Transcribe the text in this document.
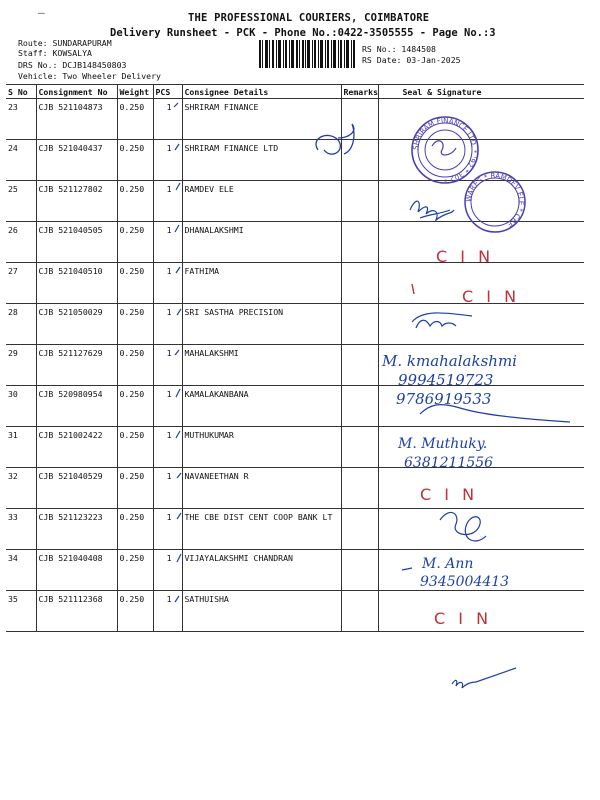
—	THE PROFESSIONAL COURIERS, COIMBATORE
Delivery Runsheet - PCK - Phone No.:0422-3505555 - Page No.:3
Route: SUNDARAPURAM
Staff: KOWSALYA
DRS No.: DCJB148450803
Vehicle: Two Wheeler Delivery
RS No.: 1484508
RS Date: 03-Jan-2025
S No	Consignment No	Weight	PCS	Consignee Details	Remarks	Seal & Signature
23	CJB 521104873	0.250	1	SHRIRAM FINANCE		
24	CJB 521040437	0.250	1	SHRIRAM FINANCE LTD		
25	CJB 521127802	0.250	1	RAMDEV ELE		
26	CJB 521040505	0.250	1	DHANALAKSHMI		
27	CJB 521040510	0.250	1	FATHIMA		
28	CJB 521050029	0.250	1	SRI SASTHA PRECISION		
29	CJB 521127629	0.250	1	MAHALAKSHMI		
30	CJB 520980954	0.250	1	KAMALAKANBANA		
31	CJB 521002422	0.250	1	MUTHUKUMAR		
32	CJB 521040529	0.250	1	NAVANEETHAN R		
33	CJB 521123223	0.250	1	THE CBE DIST CENT COOP BANK LT		
34	CJB 521040408	0.250	1	VIJAYALAKSHMI CHANDRAN		
35	CJB 521112368	0.250	1	SATHUISHA		
SHRIRAM FINANCE LTD. * '92 * 302 *
WARES * RAMDEV ELE * CBE
C I N
C I N
C I N
C I N
M. kmahalakshmi
9994519723
9786919533
M. Muthuky.
6381211556
M. Ann
9345004413
